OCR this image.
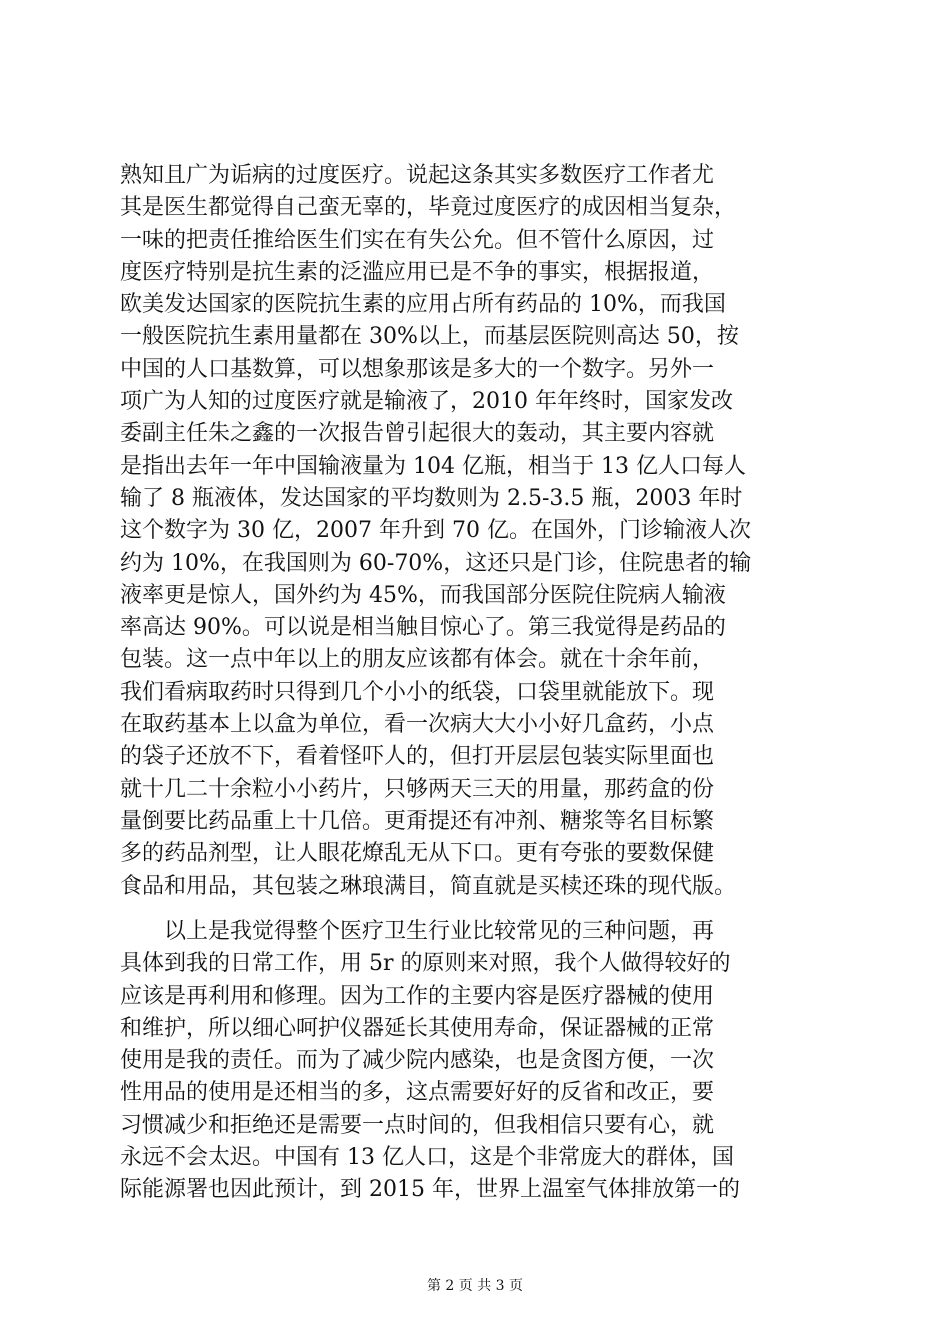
熟知且广为诟病的过度医疗。说起这条其实多数医疗工作者尤
其是医生都觉得自己蛮无辜的，毕竟过度医疗的成因相当复杂，
一味的把责任推给医生们实在有失公允。但不管什么原因，过
度医疗特别是抗生素的泛滥应用已是不争的事实，根据报道，
欧美发达国家的医院抗生素的应用占所有药品的 10%，而我国
一般医院抗生素用量都在 30%以上，而基层医院则高达 50，按
中国的人口基数算，可以想象那该是多大的一个数字。另外一
项广为人知的过度医疗就是输液了，2010 年年终时，国家发改
委副主任朱之鑫的一次报告曾引起很大的轰动，其主要内容就
是指出去年一年中国输液量为 104 亿瓶，相当于 13 亿人口每人
输了 8 瓶液体，发达国家的平均数则为 2.5-3.5 瓶，2003 年时
这个数字为 30 亿，2007 年升到 70 亿。在国外，门诊输液人次
约为 10%，在我国则为 60-70%，这还只是门诊，住院患者的输
液率更是惊人，国外约为 45%，而我国部分医院住院病人输液
率高达 90%。可以说是相当触目惊心了。第三我觉得是药品的
包装。这一点中年以上的朋友应该都有体会。就在十余年前，
我们看病取药时只得到几个小小的纸袋，口袋里就能放下。现
在取药基本上以盒为单位，看一次病大大小小好几盒药，小点
的袋子还放不下，看着怪吓人的，但打开层层包装实际里面也
就十几二十余粒小小药片，只够两天三天的用量，那药盒的份
量倒要比药品重上十几倍。更甭提还有冲剂、糖浆等名目标繁
多的药品剂型，让人眼花燎乱无从下口。更有夸张的要数保健
食品和用品，其包装之琳琅满目，简直就是买椟还珠的现代版。
　　以上是我觉得整个医疗卫生行业比较常见的三种问题，再
具体到我的日常工作，用 5r 的原则来对照，我个人做得较好的
应该是再利用和修理。因为工作的主要内容是医疗器械的使用
和维护，所以细心呵护仪器延长其使用寿命，保证器械的正常
使用是我的责任。而为了减少院内感染，也是贪图方便，一次
性用品的使用是还相当的多，这点需要好好的反省和改正，要
习惯减少和拒绝还是需要一点时间的，但我相信只要有心，就
永远不会太迟。中国有 13 亿人口，这是个非常庞大的群体，国
际能源署也因此预计，到 2015 年，世界上温室气体排放第一的
第 2 页 共 3 页
